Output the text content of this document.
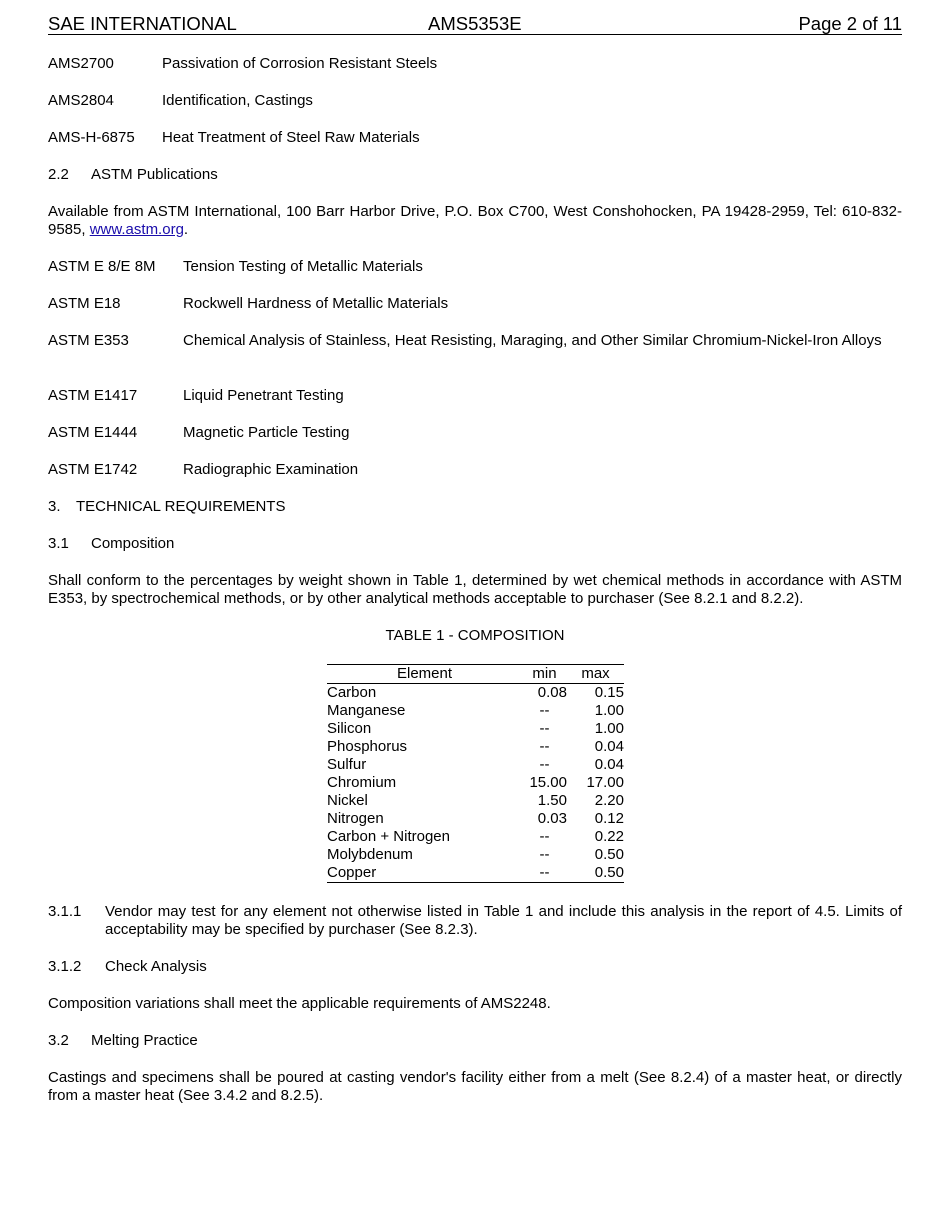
SAE INTERNATIONAL	AMS5353E	Page 2 of 11
AMS2700	Passivation of Corrosion Resistant Steels
AMS2804	Identification, Castings
AMS-H-6875 Heat Treatment of Steel Raw Materials
2.2 ASTM Publications
Available from ASTM International, 100 Barr Harbor Drive, P.O. Box C700, West Conshohocken, PA 19428-2959, Tel: 610-832-9585, www.astm.org.
ASTM E 8/E 8M Tension Testing of Metallic Materials
ASTM E18	Rockwell Hardness of Metallic Materials
ASTM E353	Chemical Analysis of Stainless, Heat Resisting, Maraging, and Other Similar Chromium-Nickel-Iron Alloys
ASTM E1417	Liquid Penetrant Testing
ASTM E1444	Magnetic Particle Testing
ASTM E1742	Radiographic Examination
3. TECHNICAL REQUIREMENTS
3.1 Composition
Shall conform to the percentages by weight shown in Table 1, determined by wet chemical methods in accordance with ASTM E353, by spectrochemical methods, or by other analytical methods acceptable to purchaser (See 8.2.1 and 8.2.2).
TABLE 1 - COMPOSITION
Element	min	max
Carbon	0.08	0.15
Manganese	--	1.00
Silicon	--	1.00
Phosphorus	--	0.04
Sulfur	--	0.04
Chromium	15.00	17.00
Nickel	1.50	2.20
Nitrogen	0.03	0.12
Carbon + Nitrogen	--	0.22
Molybdenum	--	0.50
Copper	--	0.50
3.1.1 Vendor may test for any element not otherwise listed in Table 1 and include this analysis in the report of 4.5. Limits of acceptability may be specified by purchaser (See 8.2.3).
3.1.2 Check Analysis
Composition variations shall meet the applicable requirements of AMS2248.
3.2 Melting Practice
Castings and specimens shall be poured at casting vendor's facility either from a melt (See 8.2.4) of a master heat, or directly from a master heat (See 3.4.2 and 8.2.5).
